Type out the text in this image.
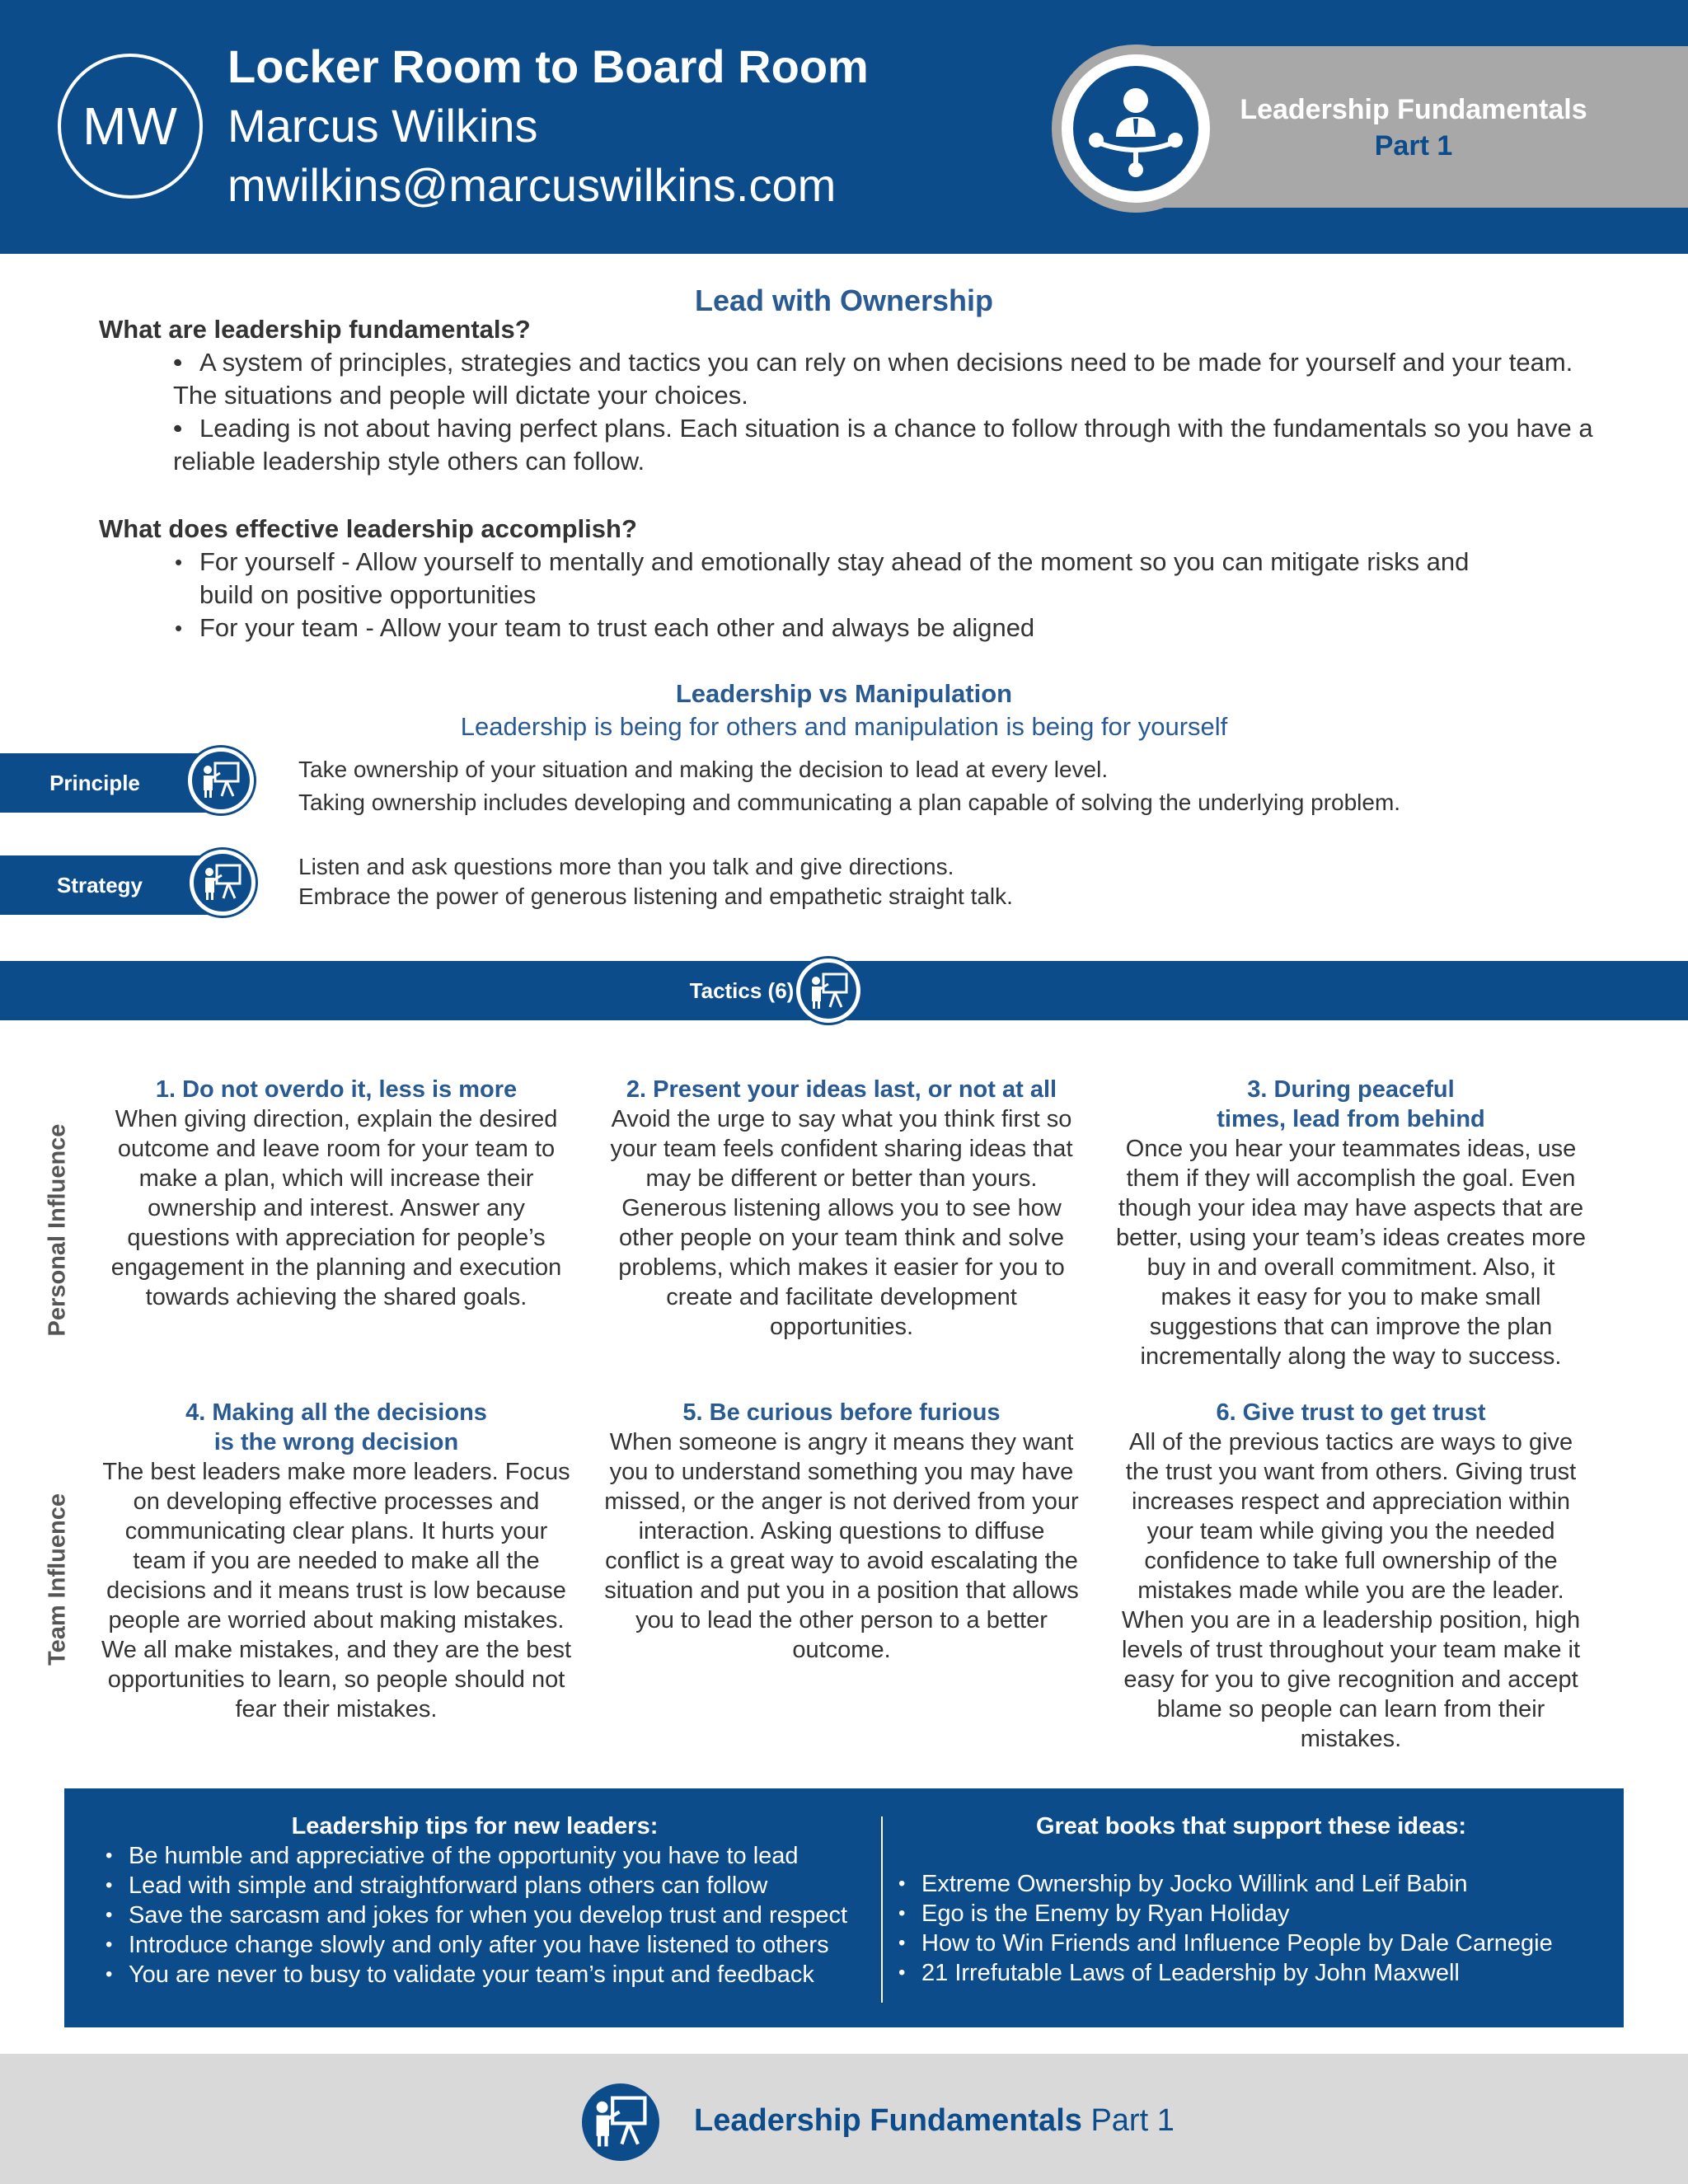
MW
Locker Room to Board Room
Marcus Wilkins
mwilkins@marcuswilkins.com
Leadership Fundamentals
Part 1
Lead with Ownership
What are leadership fundamentals?
• • A system of principles, strategies and tactics you can rely on when decisions need to be made for yourself and your team. The situations and people will dictate your choices.
• • Leading is not about having perfect plans. Each situation is a chance to follow through with the fundamentals so you have a reliable leadership style others can follow.
What does effective leadership accomplish?
• For yourself - Allow yourself to mentally and emotionally stay ahead of the moment so you can mitigate risks and build on positive opportunities
• For your team - Allow your team to trust each other and always be aligned
Leadership vs Manipulation
Leadership is being for others and manipulation is being for yourself
Principle
Take ownership of your situation and making the decision to lead at every level.
Taking ownership includes developing and communicating a plan capable of solving the underlying problem.
Strategy
Listen and ask questions more than you talk and give directions.
Embrace the power of generous listening and empathetic straight talk.
Tactics (6)
Personal Influence
Team Influence
1. Do not overdo it, less is more
When giving direction, explain the desired outcome and leave room for your team to make a plan, which will increase their ownership and interest. Answer any questions with appreciation for people’s engagement in the planning and execution towards achieving the shared goals.
2. Present your ideas last, or not at all
Avoid the urge to say what you think first so your team feels confident sharing ideas that may be different or better than yours. Generous listening allows you to see how other people on your team think and solve problems, which makes it easier for you to create and facilitate development opportunities.
3. During peaceful times, lead from behind
Once you hear your teammates ideas, use them if they will accomplish the goal. Even though your idea may have aspects that are better, using your team’s ideas creates more buy in and overall commitment. Also, it makes it easy for you to make small suggestions that can improve the plan incrementally along the way to success.
4. Making all the decisions is the wrong decision
The best leaders make more leaders. Focus on developing effective processes and communicating clear plans. It hurts your team if you are needed to make all the decisions and it means trust is low because people are worried about making mistakes. We all make mistakes, and they are the best opportunities to learn, so people should not fear their mistakes.
5. Be curious before furious
When someone is angry it means they want you to understand something you may have missed, or the anger is not derived from your interaction. Asking questions to diffuse conflict is a great way to avoid escalating the situation and put you in a position that allows you to lead the other person to a better outcome.
6. Give trust to get trust
All of the previous tactics are ways to give the trust you want from others. Giving trust increases respect and appreciation within your team while giving you the needed confidence to take full ownership of the mistakes made while you are the leader. When you are in a leadership position, high levels of trust throughout your team make it easy for you to give recognition and accept blame so people can learn from their mistakes.
Leadership tips for new leaders:
• Be humble and appreciative of the opportunity you have to lead
• Lead with simple and straightforward plans others can follow
• Save the sarcasm and jokes for when you develop trust and respect
• Introduce change slowly and only after you have listened to others
• You are never to busy to validate your team’s input and feedback
Great books that support these ideas:
• Extreme Ownership by Jocko Willink and Leif Babin
• Ego is the Enemy by Ryan Holiday
• How to Win Friends and Influence People by Dale Carnegie
• 21 Irrefutable Laws of Leadership by John Maxwell
Leadership Fundamentals Part 1
